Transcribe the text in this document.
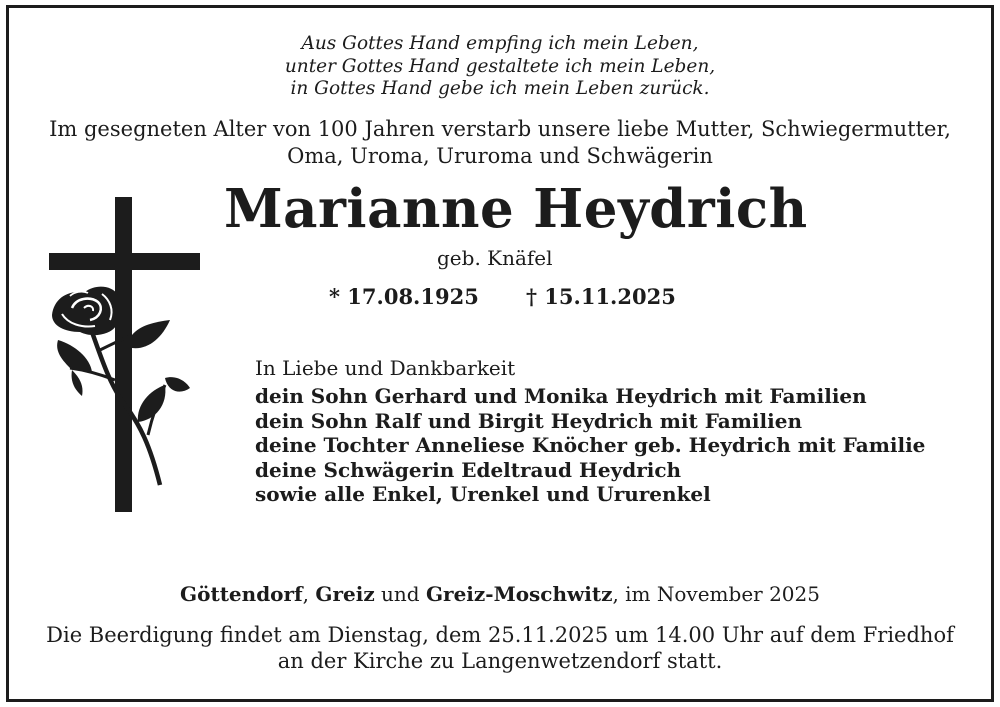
Aus Gottes Hand empfing ich mein Leben,
unter Gottes Hand gestaltete ich mein Leben,
in Gottes Hand gebe ich mein Leben zurück.
Im gesegneten Alter von 100 Jahren verstarb unsere liebe Mutter, Schwiegermutter,
Oma, Uroma, Ururoma und Schwägerin
Marianne Heydrich
geb. Knäfel
* 17.08.1925 † 15.11.2025
In Liebe und Dankbarkeit
dein Sohn Gerhard und Monika Heydrich mit Familien
dein Sohn Ralf und Birgit Heydrich mit Familien
deine Tochter Anneliese Knöcher geb. Heydrich mit Familie
deine Schwägerin Edeltraud Heydrich
sowie alle Enkel, Urenkel und Ururenkel
Göttendorf, Greiz und Greiz-Moschwitz, im November 2025
Die Beerdigung findet am Dienstag, dem 25.11.2025 um 14.00 Uhr auf dem Friedhof
an der Kirche zu Langenwetzendorf statt.
